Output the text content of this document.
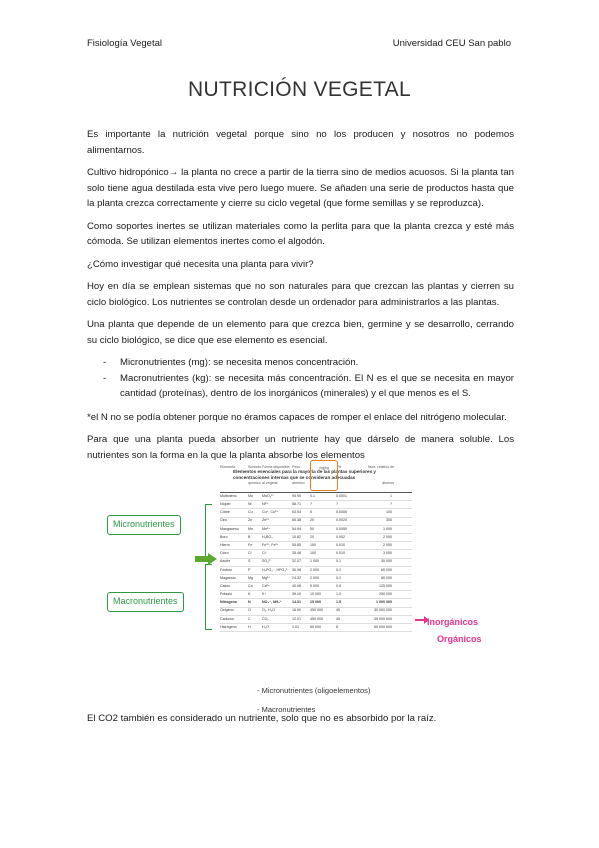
Fisiología Vegetal	Universidad CEU San pablo
NUTRICIÓN VEGETAL

Es importante la nutrición vegetal porque sino no los producen y nosotros no podemos alimentarnos.

Cultivo hidropónico→ la planta no crece a partir de la tierra sino de medios acuosos. Si la planta tan solo tiene agua destilada esta vive pero luego muere. Se añaden una serie de productos hasta que la planta crezca correctamente y cierre su ciclo vegetal (que forme semillas y se reproduzca).

Como soportes inertes se utilizan materiales como la perlita para que la planta crezca y esté más cómoda. Se utilizan elementos inertes como el algodón.

¿Cómo investigar qué necesita una planta para vivir?

Hoy en día se emplean sistemas que no son naturales para que crezcan las plantas y cierren su ciclo biológico. Los nutrientes se controlan desde un ordenador para administrarlos a las plantas.

Una planta que depende de un elemento para que crezca bien, germine y se desarrollo, cerrando su ciclo biológico, se dice que ese elemento es esencial.

- Micronutrientes (mg): se necesita menos concentración.
- Macronutrientes (kg): se necesita más concentración. El N es el que se necesita en mayor cantidad (proteínas), dentro de los inorgánicos (minerales) y el que menos es el S.

*el N no se podía obtener porque no éramos capaces de romper el enlace del nitrógeno molecular.

Para que una planta pueda absorber un nutriente hay que dárselo de manera soluble. Los nutrientes son la forma en la que la planta absorbe los elementos

Elementos esenciales para la mayoría de las plantas superiores y concentraciones internas que se consideran adecuadas
Elemento	Símbolo químico
Forma disponible al vegetal
Peso atómico
mg/kg	%	Núm. relativo de átomos
Molibdeno	Mo	MoO₄²⁻	95.95	0.1	0.0001	1
Níquel	Ni	Ni²⁺	58.71	?	?	?
Cobre	Cu	Cu⁺, Cu²⁺	63.54	6	0.0006	100
Cinc	Zn	Zn²⁺	65.38	20	0.0020	300
Manganeso	Mn	Mn²⁺	54.94	50	0.0050	1 000
Boro	B	H₃BO₃	10.82	20	0.002	2 000
Hierro	Fe	Fe³⁺, Fe²⁺	55.85	100	0.010	2 000
Cloro	Cl	Cl⁻	35.46	100	0.010	3 000
Azufre	S	SO₄²⁻	32.07	1 000	0.1	30 000
Fósforo	P	H₂PO₄⁻, HPO₄²⁻ 30.98	2 000	0.2	60 000
Magnesio	Mg	Mg²⁺	24.32	2 000	0.2	80 000
Calcio	Ca	Ca²⁺	40.08	5 000	0.5	125 000
Potasio	K	K⁺	39.10	10 000	1.0	250 000
Nitrógeno	N	NO₃⁻, NH₄⁺	14.01	15 000	1.5	1 000 000
Oxígeno	O	O₂, H₂O	16.00	450 000	45	30 000 000
Carbono	C	CO₂	12.01	450 000	45	35 000 000
Hidrógeno	H	H₂O	1.01	60 000	6	60 000 000
Micronutrientes
Macronutrientes
Inorgánicos
Orgánicos
- Micronutrientes (oligoelementos)
- Macronutrientes

El CO2 también es considerado un nutriente, solo que no es absorbido por la raíz.
